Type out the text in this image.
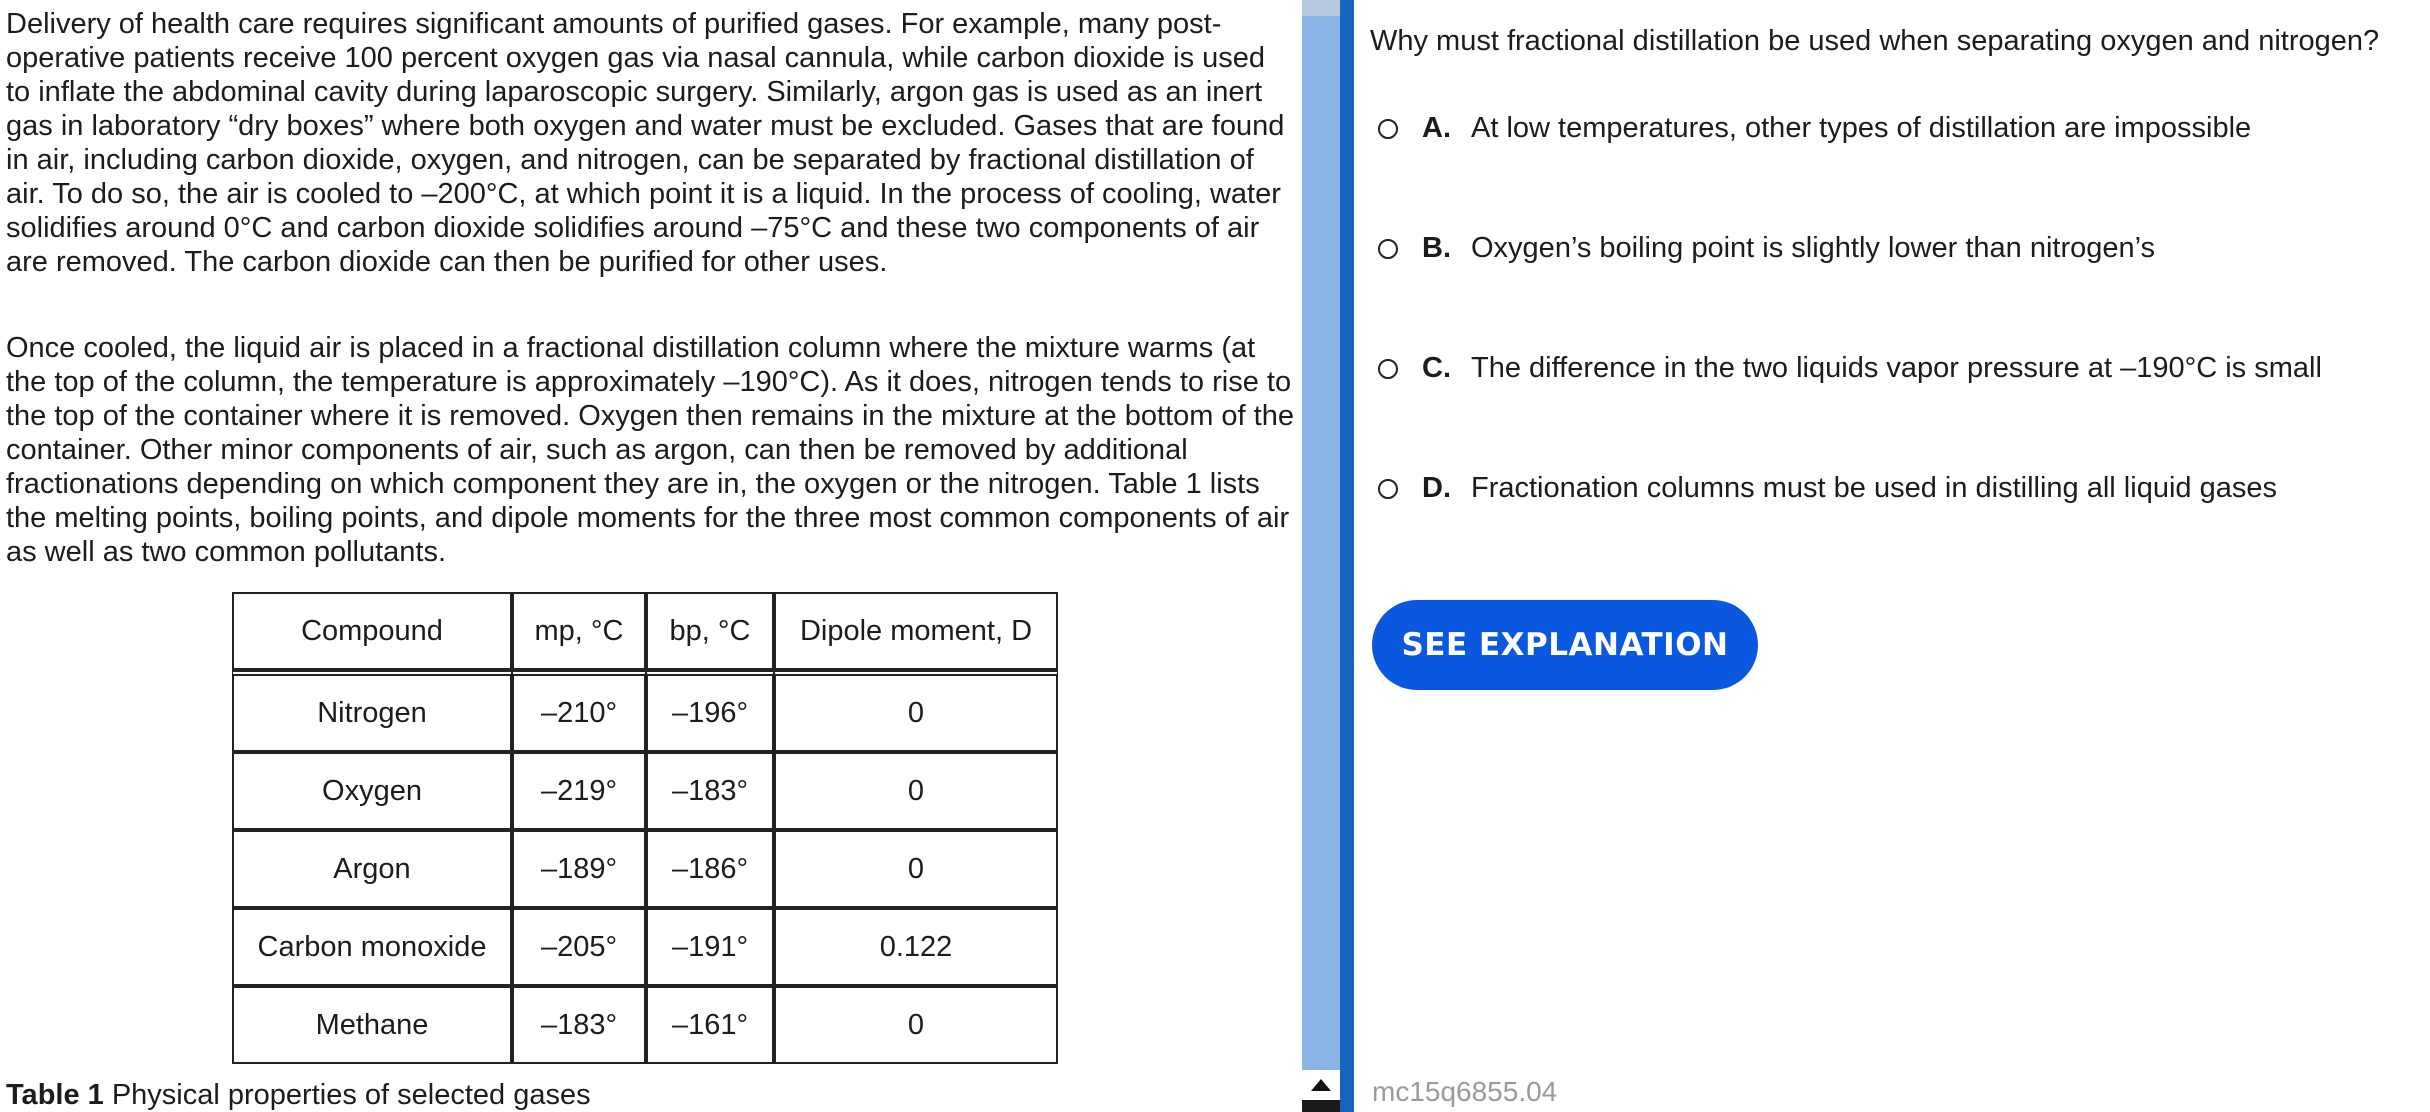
Delivery of health care requires significant amounts of purified gases. For example, many post-operative patients receive 100 percent oxygen gas via nasal cannula, while carbon dioxide is used to inflate the abdominal cavity during laparoscopic surgery. Similarly, argon gas is used as an inert gas in laboratory “dry boxes” where both oxygen and water must be excluded. Gases that are found in air, including carbon dioxide, oxygen, and nitrogen, can be separated by fractional distillation of air. To do so, the air is cooled to –200°C, at which point it is a liquid. In the process of cooling, water solidifies around 0°C and carbon dioxide solidifies around –75°C and these two components of air are removed. The carbon dioxide can then be purified for other uses.

Once cooled, the liquid air is placed in a fractional distillation column where the mixture warms (at the top of the column, the temperature is approximately –190°C). As it does, nitrogen tends to rise to the top of the container where it is removed. Oxygen then remains in the mixture at the bottom of the container. Other minor components of air, such as argon, can then be removed by additional fractionations depending on which component they are in, the oxygen or the nitrogen. Table 1 lists the melting points, boiling points, and dipole moments for the three most common components of air as well as two common pollutants.

Compound	mp, °C	bp, °C	Dipole moment, D
Nitrogen	–210°	–196°	0
Oxygen	–219°	–183°	0
Argon	–189°	–186°	0
Carbon monoxide	–205°	–191°	0.122
Methane	–183°	–161°	0
Table 1 Physical properties of selected gases
Why must fractional distillation be used when separating oxygen and nitrogen?
A. At low temperatures, other types of distillation are impossible
B. Oxygen’s boiling point is slightly lower than nitrogen’s
C. The difference in the two liquids vapor pressure at –190°C is small
D. Fractionation columns must be used in distilling all liquid gases
SEE EXPLANATION
mc15q6855.04
